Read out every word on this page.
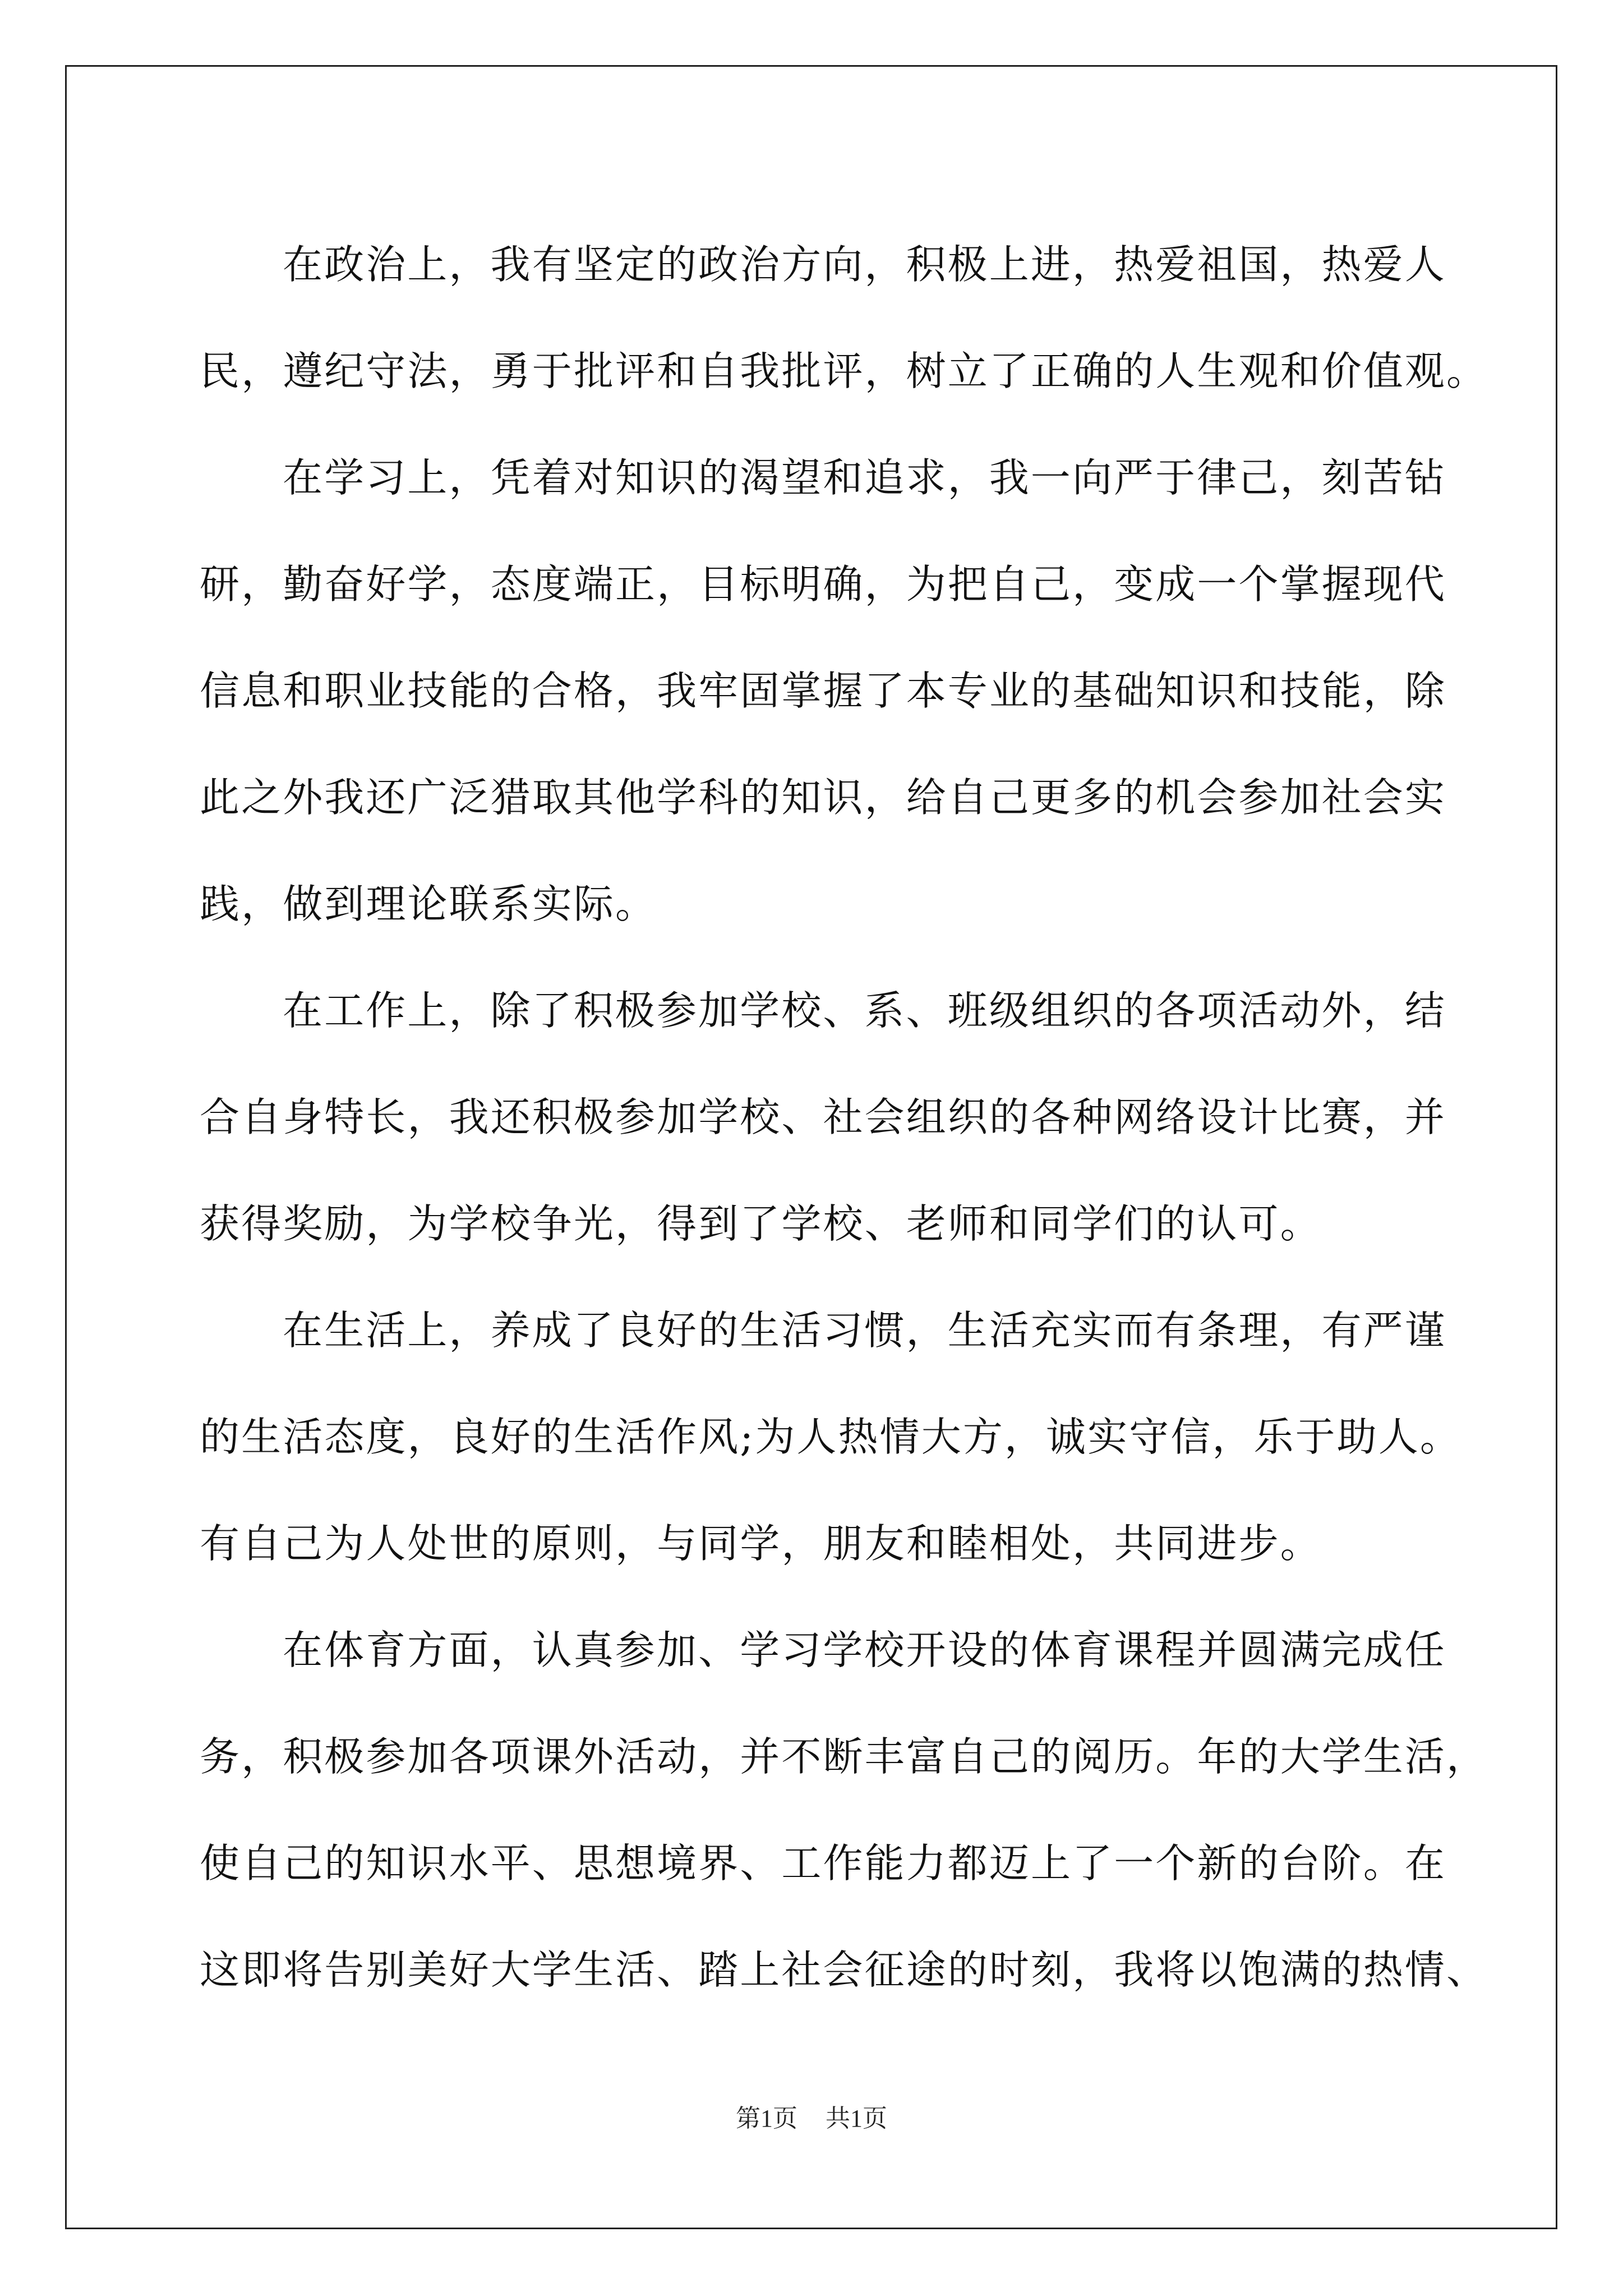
在政治上，我有坚定的政治方向，积极上进，热爱祖国，热爱人
民，遵纪守法，勇于批评和自我批评，树立了正确的人生观和价值观。
在学习上，凭着对知识的渴望和追求，我一向严于律己，刻苦钻
研，勤奋好学，态度端正，目标明确，为把自己，变成一个掌握现代
信息和职业技能的合格，我牢固掌握了本专业的基础知识和技能，除
此之外我还广泛猎取其他学科的知识，给自己更多的机会参加社会实
践，做到理论联系实际。
在工作上，除了积极参加学校、系、班级组织的各项活动外，结
合自身特长，我还积极参加学校、社会组织的各种网络设计比赛，并
获得奖励，为学校争光，得到了学校、老师和同学们的认可。
在生活上，养成了良好的生活习惯，生活充实而有条理，有严谨
的生活态度，良好的生活作风;为人热情大方，诚实守信，乐于助人。
有自己为人处世的原则，与同学，朋友和睦相处，共同进步。
在体育方面，认真参加、学习学校开设的体育课程并圆满完成任
务，积极参加各项课外活动，并不断丰富自己的阅历。年的大学生活，
使自己的知识水平、思想境界、工作能力都迈上了一个新的台阶。在
这即将告别美好大学生活、踏上社会征途的时刻，我将以饱满的热情、
第1页 共1页
